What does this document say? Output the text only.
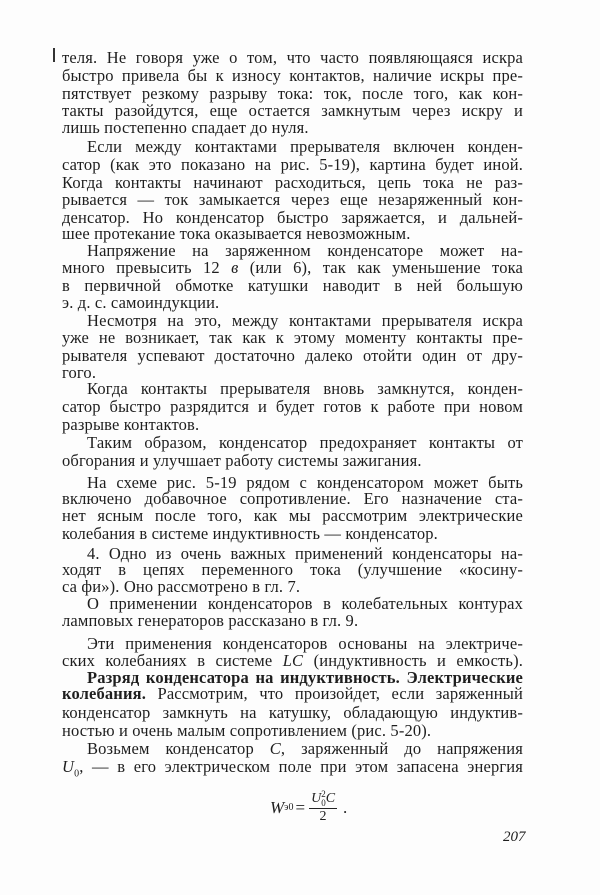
теля. Не говоря уже о том, что часто появляющаяся искра
быстро привела бы к износу контактов, наличие искры пре-
пятствует резкому разрыву тока: ток, после того, как кон-
такты разойдутся, еще остается замкнутым через искру и
лишь постепенно спадает до нуля.
Если между контактами прерывателя включен конден-
сатор (как это показано на рис. 5-19), картина будет иной.
Когда контакты начинают расходиться, цепь тока не раз-
рывается — ток замыкается через еще незаряженный кон-
денсатор. Но конденсатор быстро заряжается, и дальней-
шее протекание тока оказывается невозможным.
Напряжение на заряженном конденсаторе может на-
много превысить 12 в (или 6), так как уменьшение тока
в первичной обмотке катушки наводит в ней большую
э. д. с. самоиндукции.
Несмотря на это, между контактами прерывателя искра
уже не возникает, так как к этому моменту контакты пре-
рывателя успевают достаточно далеко отойти один от дру-
гого.
Когда контакты прерывателя вновь замкнутся, конден-
сатор быстро разрядится и будет готов к работе при новом
разрыве контактов.
Таким образом, конденсатор предохраняет контакты от
обгорания и улучшает работу системы зажигания.
На схеме рис. 5-19 рядом с конденсатором может быть
включено добавочное сопротивление. Его назначение ста-
нет ясным после того, как мы рассмотрим электрические
колебания в системе индуктивность — конденсатор.
4. Одно из очень важных применений конденсаторы на-
ходят в цепях переменного тока (улучшение «косину-
са фи»). Оно рассмотрено в гл. 7.
О применении конденсаторов в колебательных контурах
ламповых генераторов рассказано в гл. 9.
Эти применения конденсаторов основаны на электриче-
ских колебаниях в системе LC (индуктивность и емкость).
Разряд конденсатора на индуктивность. Электрические
колебания. Рассмотрим, что произойдет, если заряженный
конденсатор замкнуть на катушку, обладающую индуктив-
ностью и очень малым сопротивлением (рис. 5-20).
Возьмем конденсатор C, заряженный до напряжения
$U_0$, — в его электрическом поле при этом запасена энергия
W э0 = U 2
0 C
2 .
207
